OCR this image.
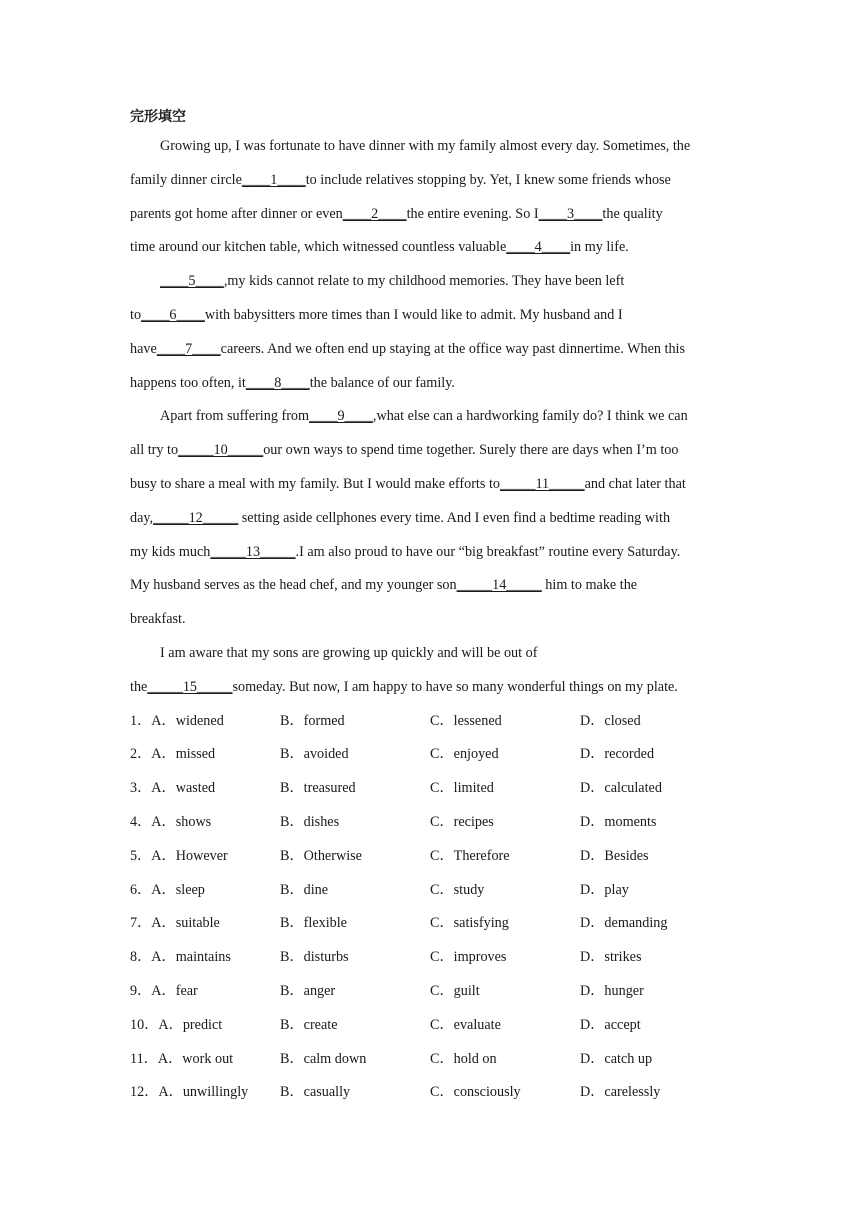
完形填空
Growing up, I was fortunate to have dinner with my family almost every day. Sometimes, the
family dinner circle____1____to include relatives stopping by. Yet, I knew some friends whose
parents got home after dinner or even____2____the entire evening. So I____3____the quality
time around our kitchen table, which witnessed countless valuable____4____in my life.
____5____,my kids cannot relate to my childhood memories. They have been left
to____6____with babysitters more times than I would like to admit. My husband and I
have____7____careers. And we often end up staying at the office way past dinnertime. When this
happens too often, it____8____the balance of our family.
Apart from suffering from____9____,what else can a hardworking family do? I think we can
all try to_____10_____our own ways to spend time together. Surely there are days when I’m too
busy to share a meal with my family. But I would make efforts to_____11_____and chat later that
day,_____12_____ setting aside cellphones every time. And I even find a bedtime reading with
my kids much_____13_____.I am also proud to have our “big breakfast” routine every Saturday.
My husband serves as the head chef, and my younger son_____14_____ him to make the
breakfast.
I am aware that my sons are growing up quickly and will be out of
the_____15_____someday. But now, I am happy to have so many wonderful things on my plate.
1．A．widened	B．formed	C．lessened	D．closed
2．A．missed	B．avoided	C．enjoyed	D．recorded
3．A．wasted	B．treasured	C．limited	D．calculated
4．A．shows	B．dishes	C．recipes	D．moments
5．A．However	B．Otherwise	C．Therefore	D．Besides
6．A．sleep	B．dine	C．study	D．play
7．A．suitable	B．flexible	C．satisfying	D．demanding
8．A．maintains	B．disturbs	C．improves	D．strikes
9．A．fear	B．anger	C．guilt	D．hunger
10．A．predict	B．create	C．evaluate	D．accept
11．A．work out	B．calm down	C．hold on	D．catch up
12．A．unwillingly	B．casually	C．consciously	D．carelessly
